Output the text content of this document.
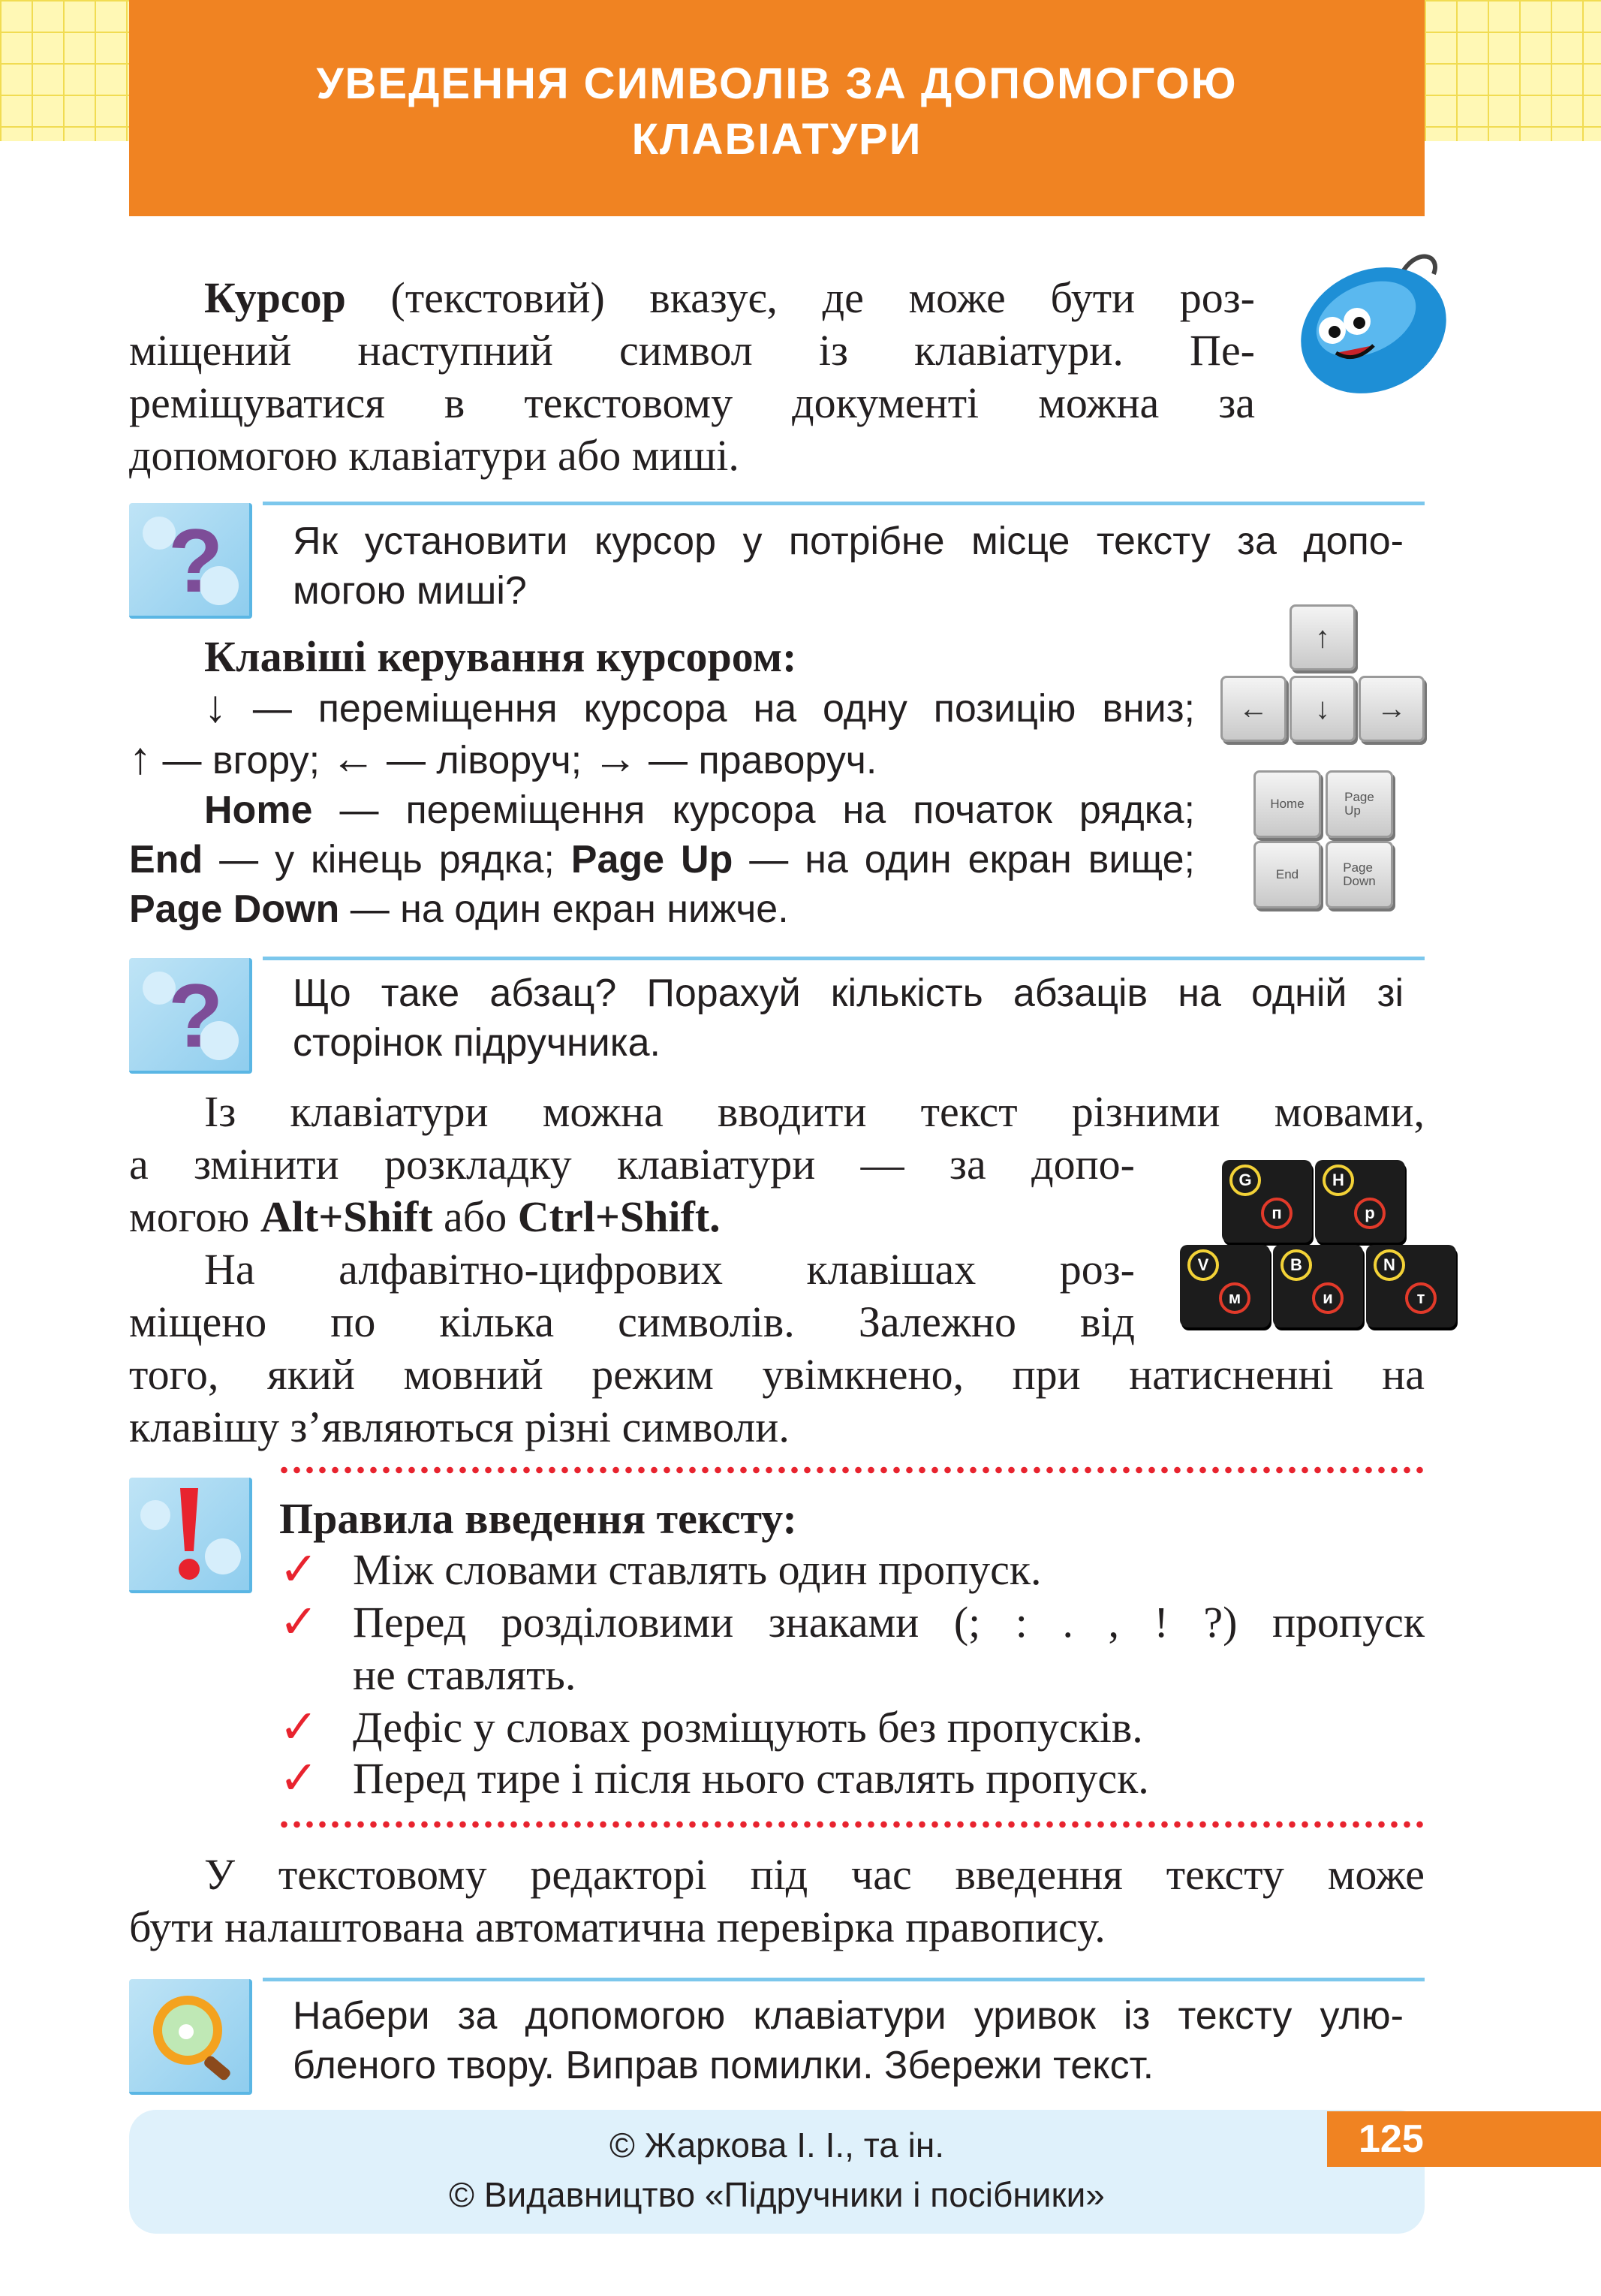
УВЕДЕННЯ СИМВОЛІВ ЗА ДОПОМОГОЮ
КЛАВІАТУРИ
Курсор (текстовий) вказує, де може бути роз-
міщений наступний символ із клавіатури. Пе-
реміщуватися в текстовому документі можна за
допомогою клавіатури або миші.
? Як установити курсор у потрібне місце тексту за допо-
могою миші?
Клавіші керування курсором:
↓ — переміщення курсора на одну позицію вниз;
↑ — вгору; ← — ліворуч; → — праворуч.
Home — переміщення курсора на початок рядка;
End — у кінець рядка; Page Up — на один екран вище;
Page Down — на один екран нижче.
↑
←	↓	→
Home	Page
Up
End	Page
Down
? Що таке абзац? Порахуй кількість абзаців на одній зі
сторінок підручника.
Із клавіатури можна вводити текст різними мовами,
а змінити розкладку клавіатури — за допо-
могою Alt+Shift або Ctrl+Shift.
На алфавітно-цифрових клавішах роз-
міщено по кілька символів. Залежно від
того, який мовний режим увімкнено, при натисненні на
клавішу з’являються різні символи.
G
п
H
р
V
м
B
и
N
т
Правила введення тексту:
✓ Між словами ставлять один пропуск.
✓ Перед розділовими знаками (; : . , ! ?) пропуск
не ставлять.
✓ Дефіс у словах розміщують без пропусків.
✓ Перед тире і після нього ставлять пропуск.
У текстовому редакторі під час введення тексту може
бути налаштована автоматична перевірка правопису.
Набери за допомогою клавіатури уривок із тексту улю-
бленого твору. Виправ помилки. Збережи текст.
© Жаркова І. І., та ін.
© Видавництво «Підручники і посібники»
125
